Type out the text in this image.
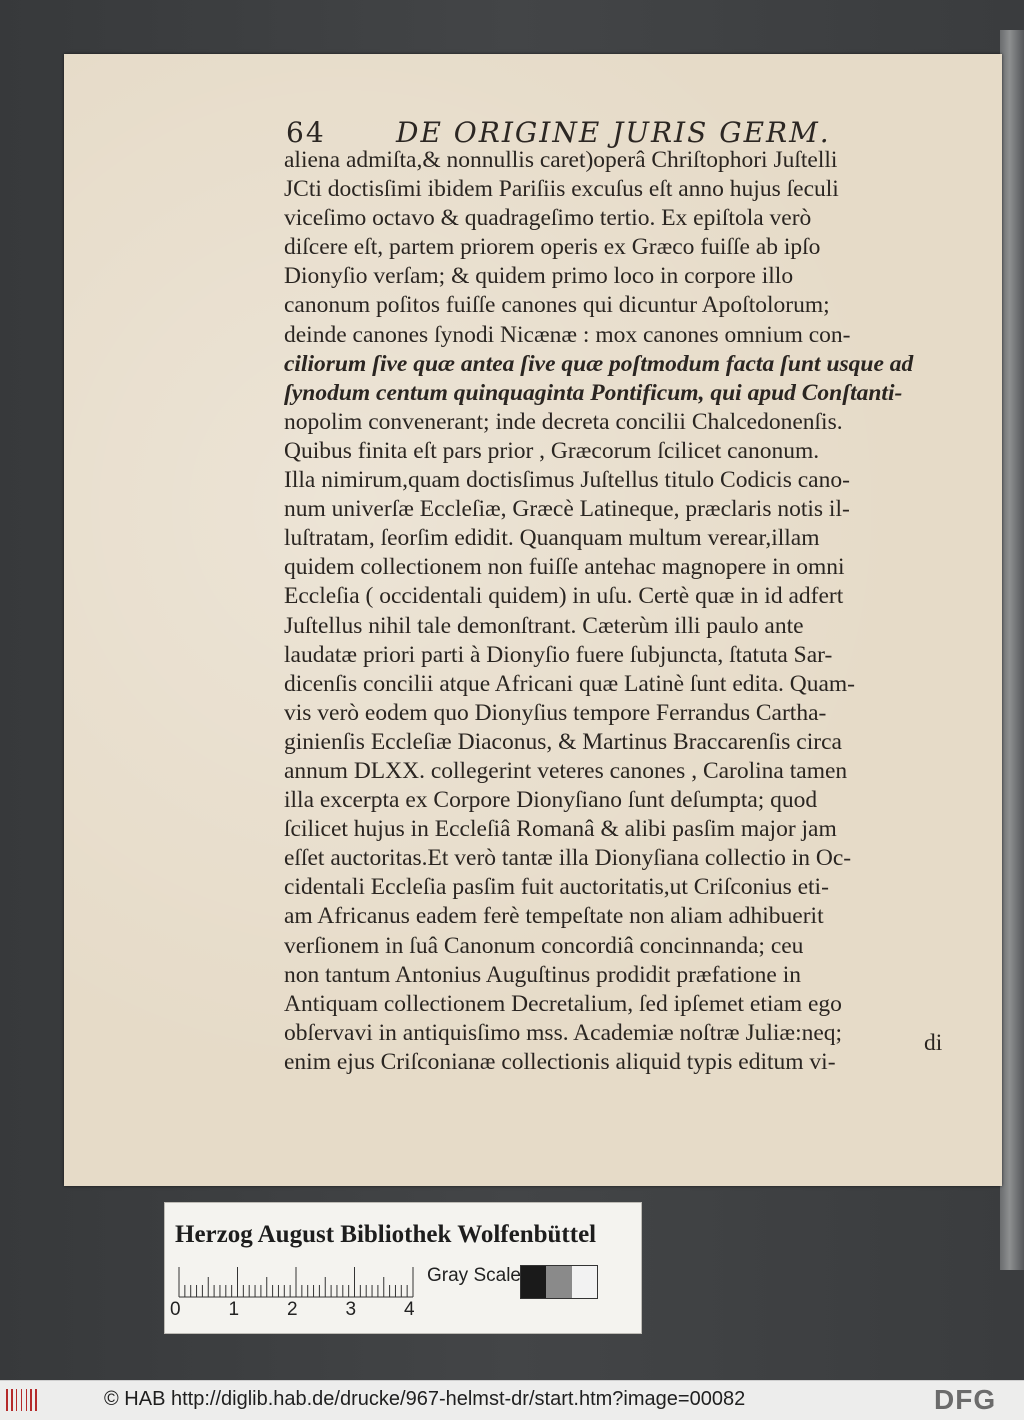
64	DE ORIGINE JURIS GERM.
aliena admiſta,& nonnullis caret)operâ Chriſtophori Juſtelli
JCti doctisſimi ibidem Pariſiis excuſus eſt anno hujus ſeculi
viceſimo octavo & quadrageſimo tertio. Ex epiſtola verò
diſcere eſt, partem priorem operis ex Græco fuiſſe ab ipſo
Dionyſio verſam; & quidem primo loco in corpore illo
canonum poſitos fuiſſe canones qui dicuntur Apoſtolorum;
deinde canones ſynodi Nicænæ : mox canones omnium con-
ciliorum ſive quæ antea ſive quæ poſtmodum facta ſunt usque ad
ſynodum centum quinquaginta Pontificum, qui apud Conſtanti-
nopolim convenerant; inde decreta concilii Chalcedonenſis.
Quibus finita eſt pars prior , Græcorum ſcilicet canonum.
Illa nimirum,quam doctisſimus Juſtellus titulo Codicis cano-
num univerſæ Eccleſiæ, Græcè Latineque, præclaris notis il-
luſtratam, ſeorſim edidit. Quanquam multum verear,illam
quidem collectionem non fuiſſe antehac magnopere in omni
Eccleſia ( occidentali quidem) in uſu. Certè quæ in id adfert
Juſtellus nihil tale demonſtrant. Cæterùm illi paulo ante
laudatæ priori parti à Dionyſio fuere ſubjuncta, ſtatuta Sar-
dicenſis concilii atque Africani quæ Latinè ſunt edita. Quam-
vis verò eodem quo Dionyſius tempore Ferrandus Cartha-
ginienſis Eccleſiæ Diaconus, & Martinus Braccarenſis circa
annum DLXX. collegerint veteres canones , Carolina tamen
illa excerpta ex Corpore Dionyſiano ſunt deſumpta; quod
ſcilicet hujus in Eccleſiâ Romanâ & alibi pasſim major jam
eſſet auctoritas.Et verò tantæ illa Dionyſiana collectio in Oc-
cidentali Eccleſia pasſim fuit auctoritatis,ut Criſconius eti-
am Africanus eadem ferè tempeſtate non aliam adhibuerit
verſionem in ſuâ Canonum concordiâ concinnanda; ceu
non tantum Antonius Auguſtinus prodidit præfatione in
Antiquam collectionem Decretalium, ſed ipſemet etiam ego
obſervavi in antiquisſimo mss. Academiæ noſtræ Juliæ:neq;
enim ejus Criſconianæ collectionis aliquid typis editum vi-
di
Herzog August Bibliothek Wolfenbüttel
0	1	2	3	4
Gray Scale
© HAB http://diglib.hab.de/drucke/967-helmst-dr/start.htm?image=00082	DFG
